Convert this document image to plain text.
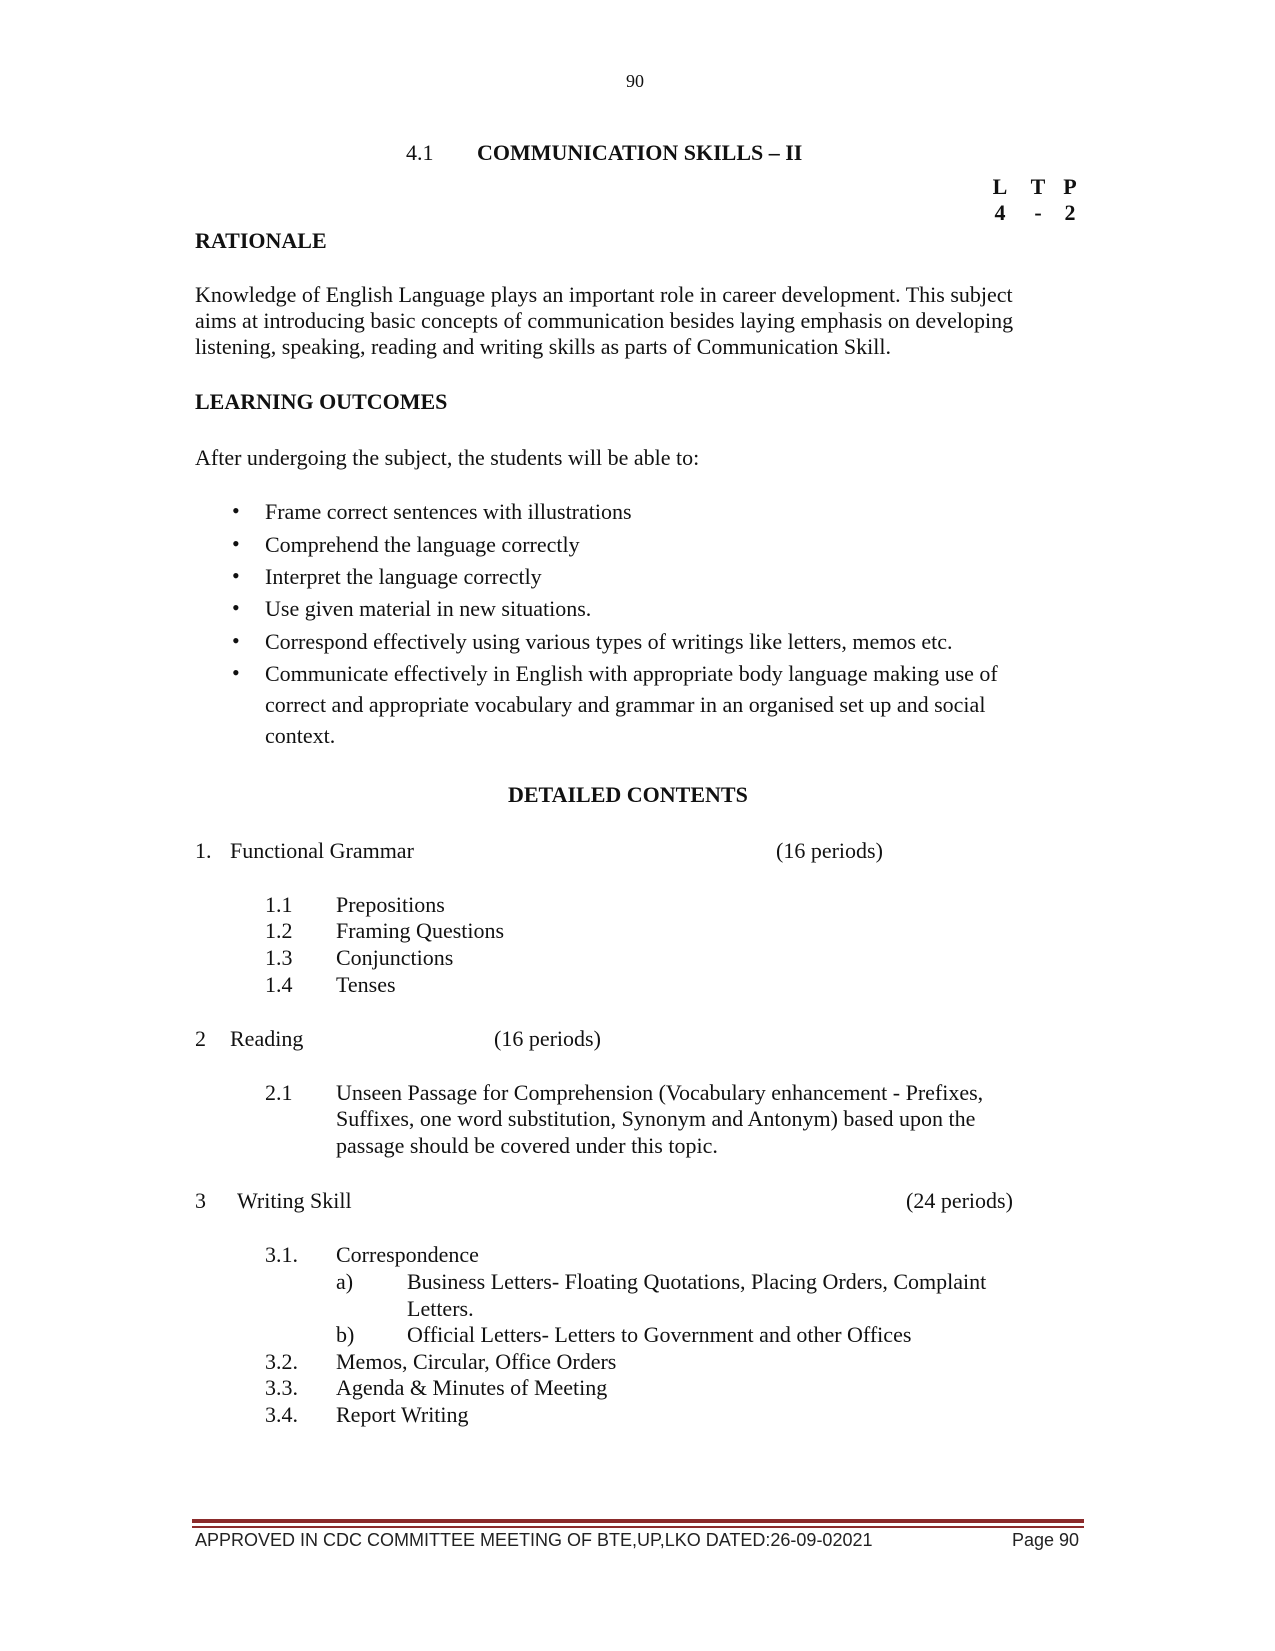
90
4.1 COMMUNICATION SKILLS – II
L	T P
4	-	2
RATIONALE
Knowledge of English Language plays an important role in career development. This subject
aims at introducing basic concepts of communication besides laying emphasis on developing
listening, speaking, reading and writing skills as parts of Communication Skill.
LEARNING OUTCOMES
After undergoing the subject, the students will be able to:
• Frame correct sentences with illustrations
• Comprehend the language correctly
• Interpret the language correctly
• Use given material in new situations.
• Correspond effectively using various types of writings like letters, memos etc.
• Communicate effectively in English with appropriate body language making use of
correct and appropriate vocabulary and grammar in an organised set up and social
context.
DETAILED CONTENTS
1. Functional Grammar	(16 periods)
1.1 Prepositions
1.2 Framing Questions
1.3 Conjunctions
1.4 Tenses
2 Reading	(16 periods)
2.1 Unseen Passage for Comprehension (Vocabulary enhancement - Prefixes,
Suffixes, one word substitution, Synonym and Antonym) based upon the
passage should be covered under this topic.
3 Writing Skill	(24 periods)
3.1. Correspondence
a) Business Letters- Floating Quotations, Placing Orders, Complaint
Letters.
b) Official Letters- Letters to Government and other Offices
3.2. Memos, Circular, Office Orders
3.3. Agenda & Minutes of Meeting
3.4. Report Writing
APPROVED IN CDC COMMITTEE MEETING OF BTE,UP,LKO DATED:26-09-02021	Page 90
